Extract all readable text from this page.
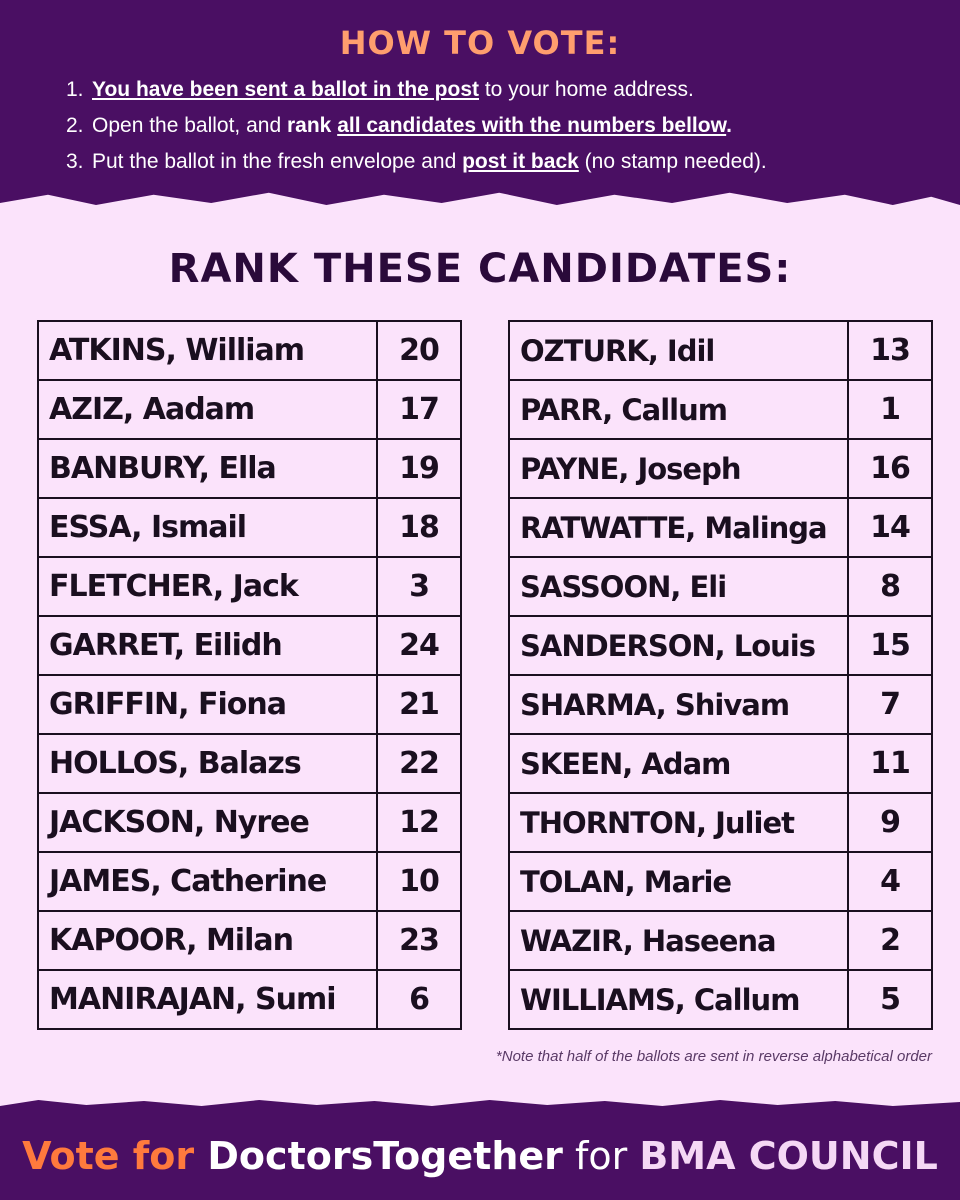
HOW TO VOTE:
1. You have been sent a ballot in the post to your home address.
2. Open the ballot, and rank all candidates with the numbers bellow.
3. Put the ballot in the fresh envelope and post it back (no stamp needed).
RANK THESE CANDIDATES:
ATKINS, William	20
AZIZ, Aadam	17
BANBURY, Ella	19
ESSA, Ismail	18
FLETCHER, Jack	3
GARRET, Eilidh	24
GRIFFIN, Fiona	21
HOLLOS, Balazs	22
JACKSON, Nyree	12
JAMES, Catherine	10
KAPOOR, Milan	23
MANIRAJAN, Sumi	6
OZTURK, Idil	13
PARR, Callum	1
PAYNE, Joseph	16
RATWATTE, Malinga	14
SASSOON, Eli	8
SANDERSON, Louis	15
SHARMA, Shivam	7
SKEEN, Adam	11
THORNTON, Juliet	9
TOLAN, Marie	4
WAZIR, Haseena	2
WILLIAMS, Callum	5
*Note that half of the ballots are sent in reverse alphabetical order
Vote for DoctorsTogether for BMA COUNCIL
